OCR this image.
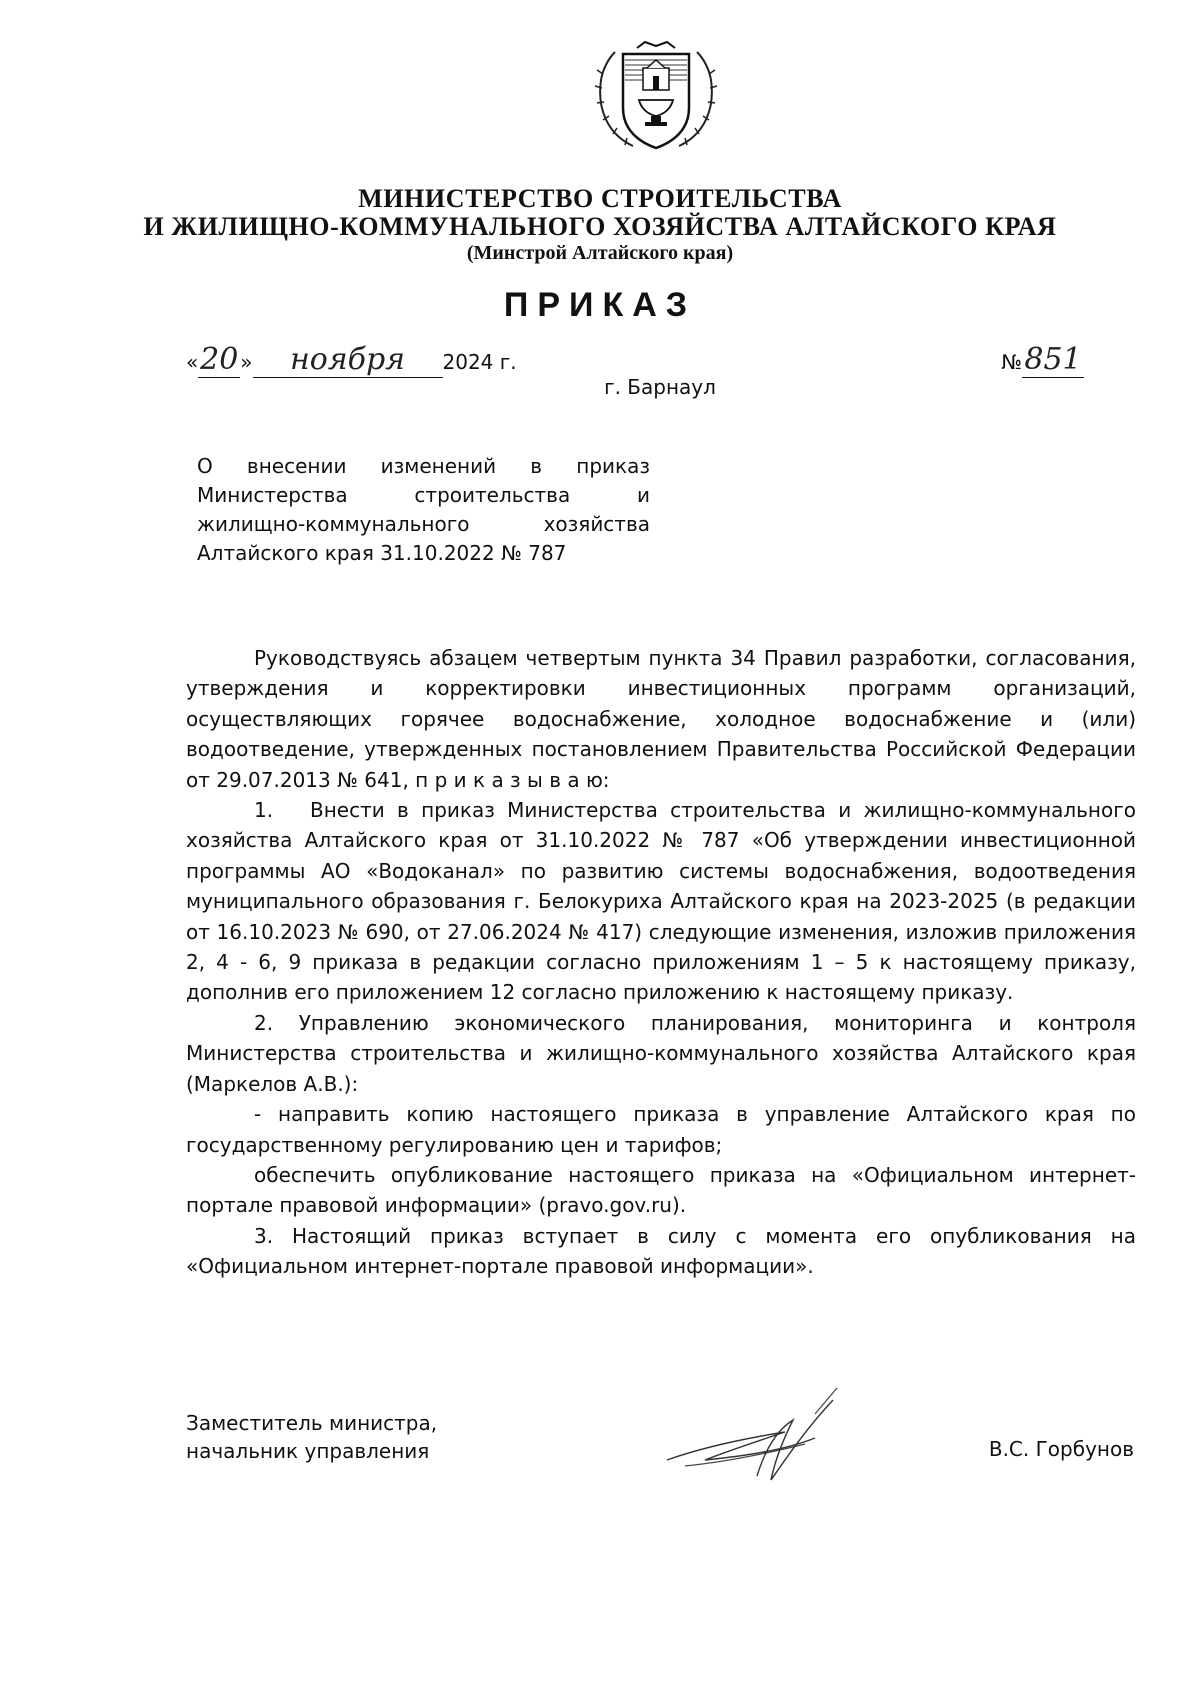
МИНИСТЕРСТВО СТРОИТЕЛЬСТВА
И ЖИЛИЩНО-КОММУНАЛЬНОГО ХОЗЯЙСТВА АЛТАЙСКОГО КРАЯ
(Минстрой Алтайского края)
ПРИКАЗ
«20» ноября 2024 г.	№851
г. Барнаул
О внесении изменений в приказ
Министерства строительства и
жилищно-коммунального хозяйства
Алтайского края 31.10.2022 № 787

Руководствуясь абзацем четвертым пункта 34 Правил разработки, согласования, утверждения и корректировки инвестиционных программ организаций, осуществляющих горячее водоснабжение, холодное водоснабжение и (или) водоотведение, утвержденных постановлением Правительства Российской Федерации от 29.07.2013 № 641, п р и к а з ы в а ю:

1.   Внести в приказ Министерства строительства и жилищно-коммунального хозяйства Алтайского края от 31.10.2022 № 787 «Об утверждении инвестиционной программы АО «Водоканал» по развитию системы водоснабжения, водоотведения муниципального образования г. Белокуриха Алтайского края на 2023-2025 (в редакции от 16.10.2023 № 690, от 27.06.2024 № 417) следующие изменения, изложив приложения 2, 4 - 6, 9 приказа в редакции согласно приложениям 1 – 5 к настоящему приказу, дополнив его приложением 12 согласно приложению к настоящему приказу.

2. Управлению экономического планирования, мониторинга и контроля Министерства строительства и жилищно-коммунального хозяйства Алтайского края (Маркелов А.В.):

- направить копию настоящего приказа в управление Алтайского края по государственному регулированию цен и тарифов;

обеспечить опубликование настоящего приказа на «Официальном интернет-портале правовой информации» (pravo.gov.ru).

3. Настоящий приказ вступает в силу с момента его опубликования на «Официальном интернет-портале правовой информации».

Заместитель министра,
начальник управления	В.С. Горбунов
